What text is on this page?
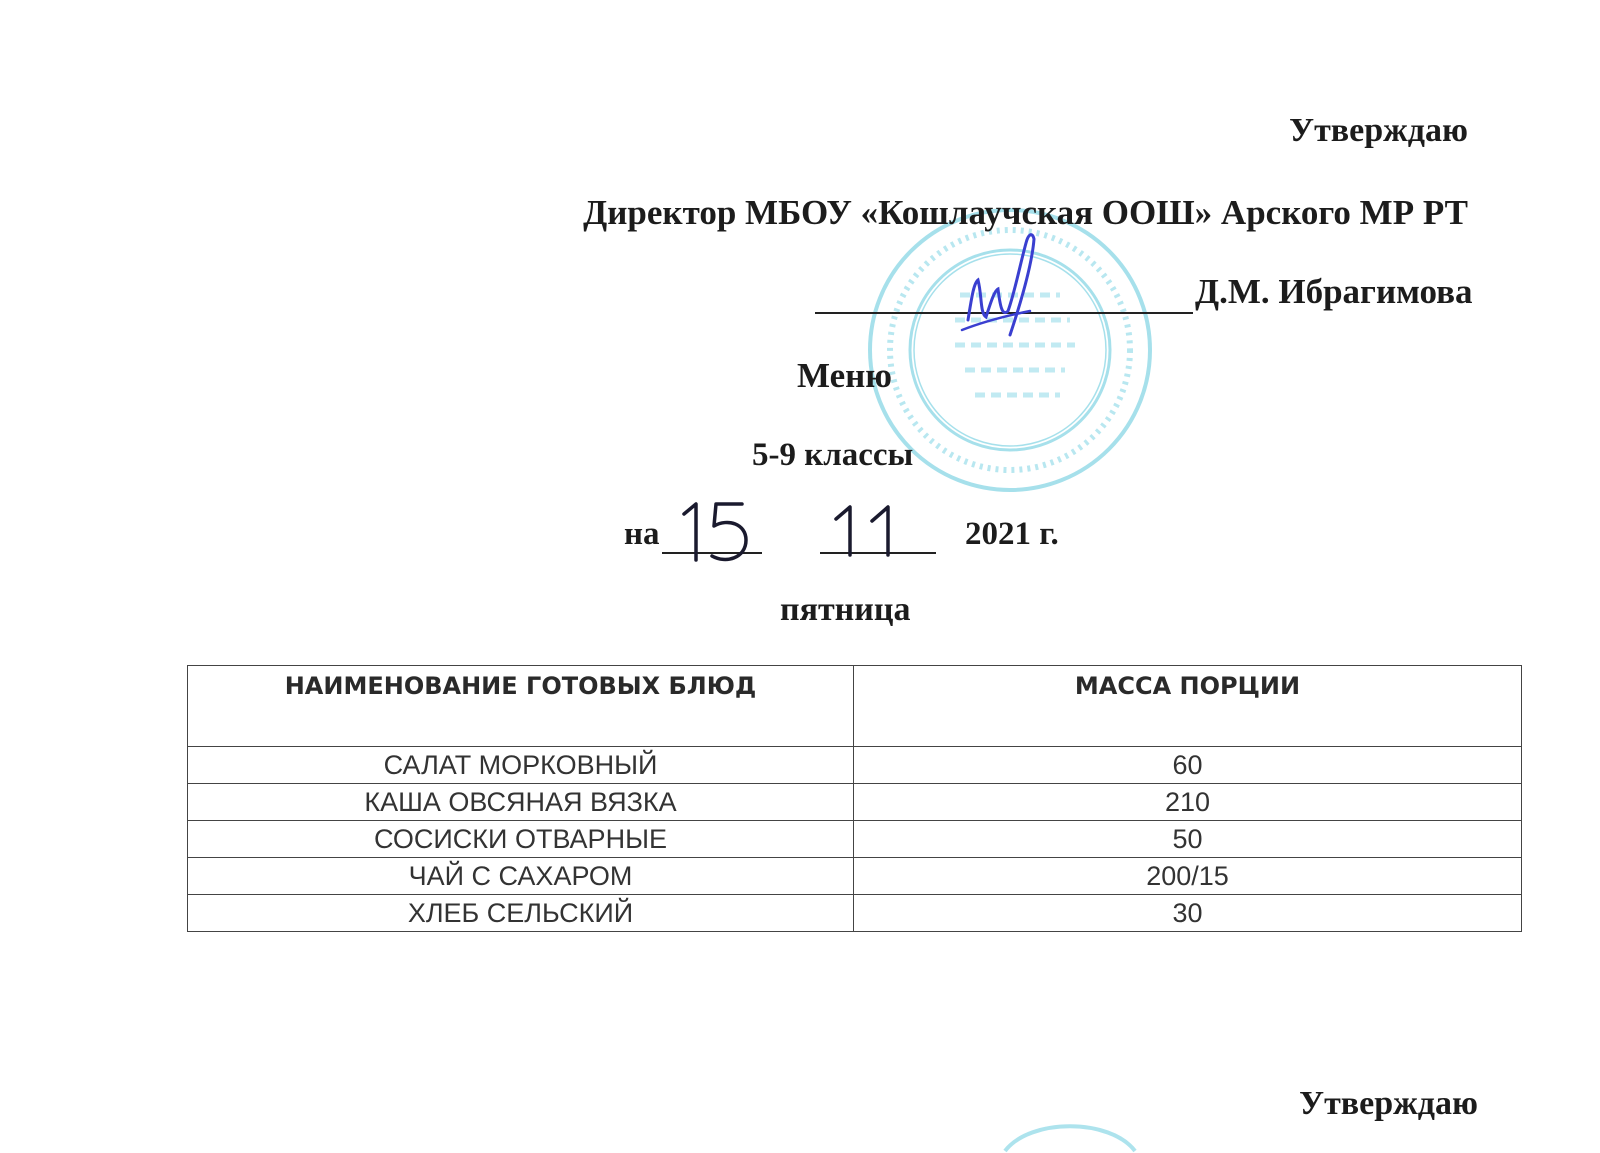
Утверждаю
Директор МБОУ «Кошлаучская ООШ» Арского МР РТ
Д.М. Ибрагимова
Меню
5-9 классы
на	2021 г.
пятница
НАИМЕНОВАНИЕ ГОТОВЫХ БЛЮД	МАССА ПОРЦИИ
САЛАТ МОРКОВНЫЙ	60
КАША ОВСЯНАЯ ВЯЗКА	210
СОСИСКИ ОТВАРНЫЕ	50
ЧАЙ С САХАРОМ	200/15
ХЛЕБ СЕЛЬСКИЙ	30
Утверждаю
